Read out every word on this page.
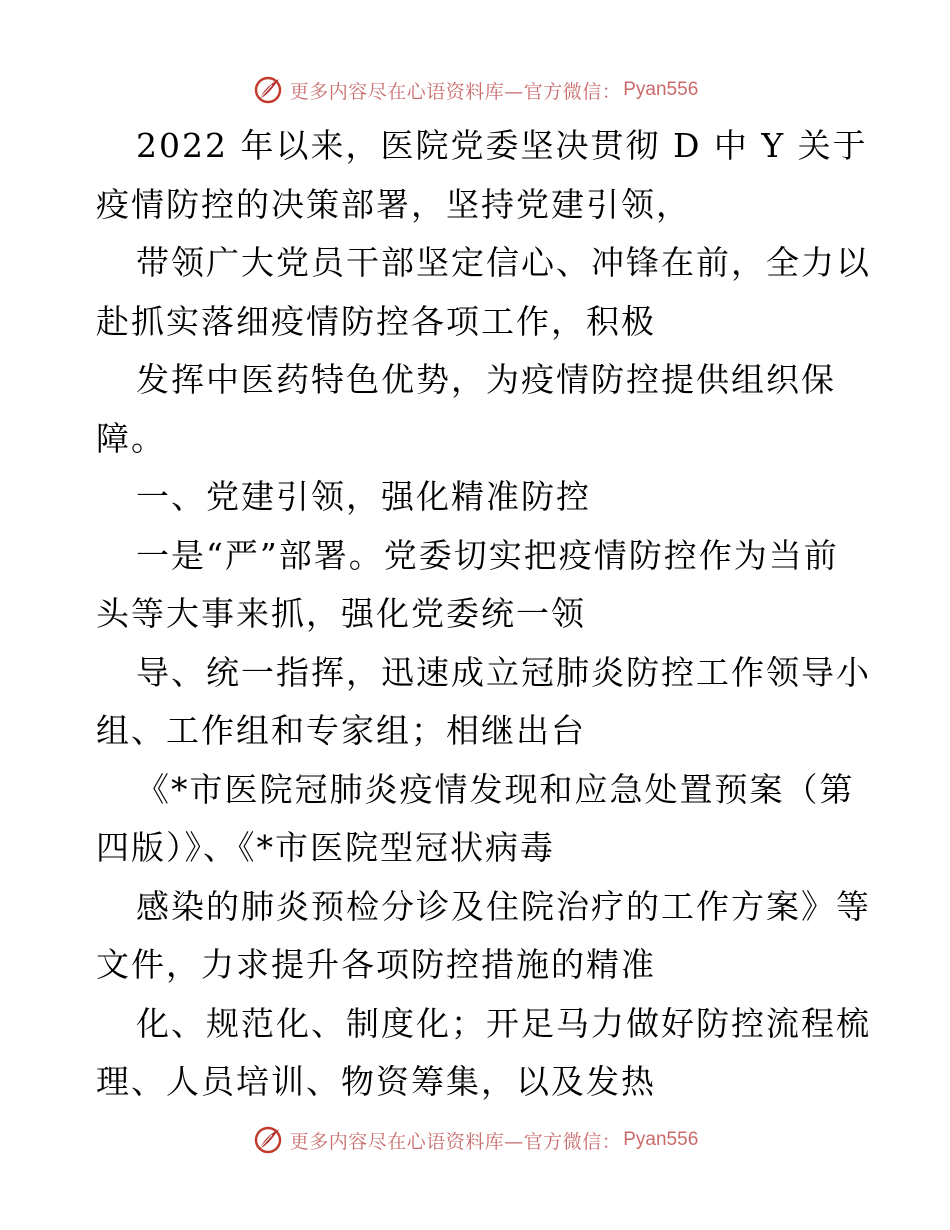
更多内容尽在心语资料库—官方微信： Pyan556
2022 年以来，医院党委坚决贯彻 D 中 Y 关于
疫情防控的决策部署，坚持党建引领，
带领广大党员干部坚定信心、冲锋在前，全力以
赴抓实落细疫情防控各项工作，积极
发挥中医药特色优势，为疫情防控提供组织保
障。
一、党建引领，强化精准防控
一是“严”部署。党委切实把疫情防控作为当前
头等大事来抓，强化党委统一领
导、统一指挥，迅速成立冠肺炎防控工作领导小
组、工作组和专家组；相继出台
《*市医院冠肺炎疫情发现和应急处置预案（第
四版）》、《*市医院型冠状病毒
感染的肺炎预检分诊及住院治疗的工作方案》等
文件，力求提升各项防控措施的精准
化、规范化、制度化；开足马力做好防控流程梳
理、人员培训、物资筹集，以及发热
更多内容尽在心语资料库—官方微信： Pyan556
